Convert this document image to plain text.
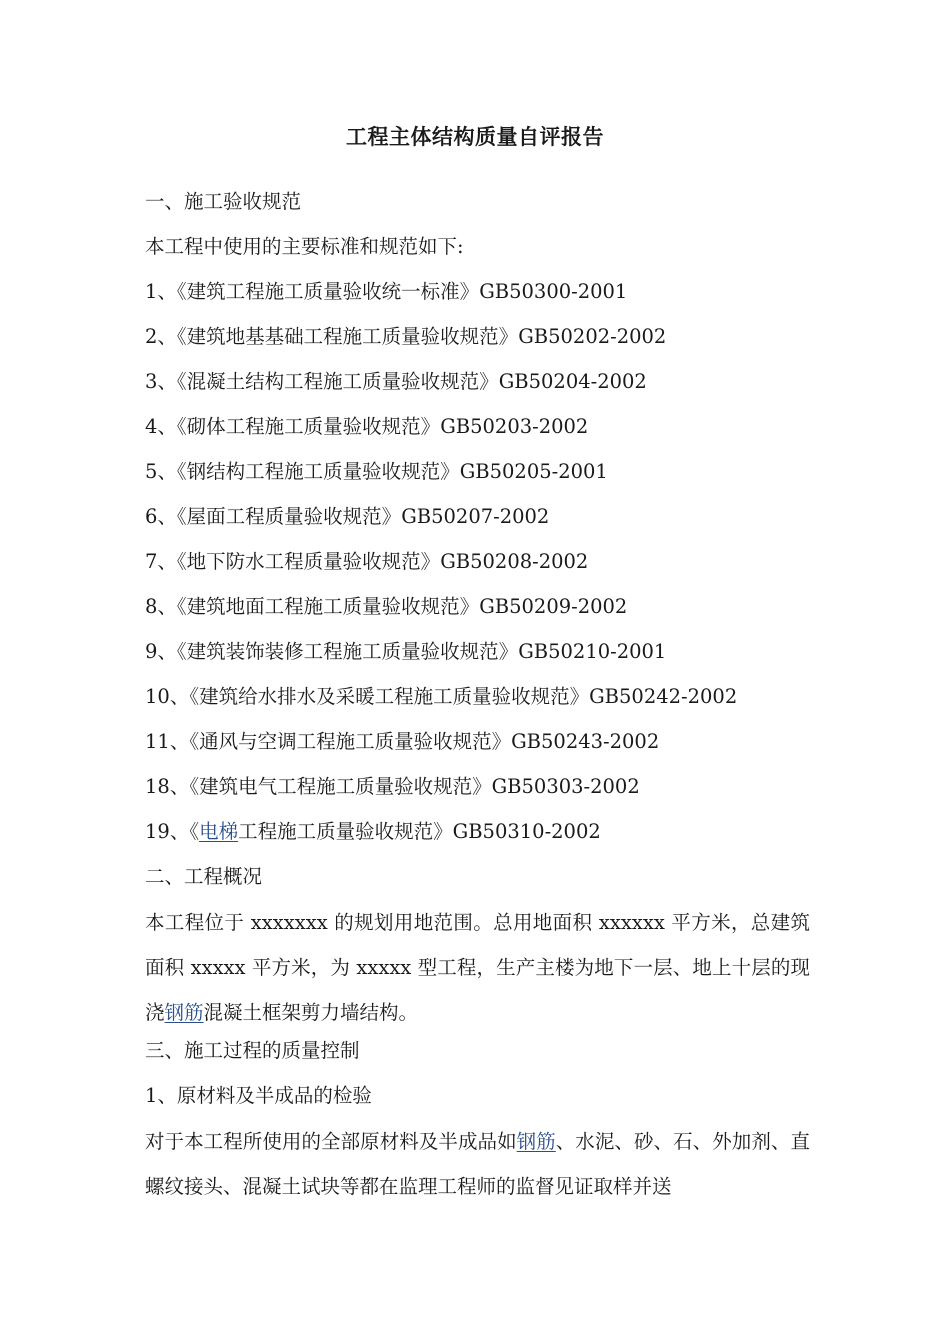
工程主体结构质量自评报告
一、施工验收规范
本工程中使用的主要标准和规范如下:
1、《建筑工程施工质量验收统一标准》GB50300-2001
2、《建筑地基基础工程施工质量验收规范》GB50202-2002
3、《混凝土结构工程施工质量验收规范》GB50204-2002
4、《砌体工程施工质量验收规范》GB50203-2002
5、《钢结构工程施工质量验收规范》GB50205-2001
6、《屋面工程质量验收规范》GB50207-2002
7、《地下防水工程质量验收规范》GB50208-2002
8、《建筑地面工程施工质量验收规范》GB50209-2002
9、《建筑装饰装修工程施工质量验收规范》GB50210-2001
10、《建筑给水排水及采暖工程施工质量验收规范》GB50242-2002
11、《通风与空调工程施工质量验收规范》GB50243-2002
18、《建筑电气工程施工质量验收规范》GB50303-2002
19、《电梯工程施工质量验收规范》GB50310-2002
二、工程概况

本工程位于 xxxxxxx 的规划用地范围。总用地面积 xxxxxx 平方米，总建筑面积 xxxxx 平方米，为 xxxxx 型工程，生产主楼为地下一层、地上十层的现浇钢筋混凝土框架剪力墙结构。

三、施工过程的质量控制
1、原材料及半成品的检验

对于本工程所使用的全部原材料及半成品如钢筋、水泥、砂、石、外加剂、直螺纹接头、混凝土试块等都在监理工程师的监督见证取样并送
